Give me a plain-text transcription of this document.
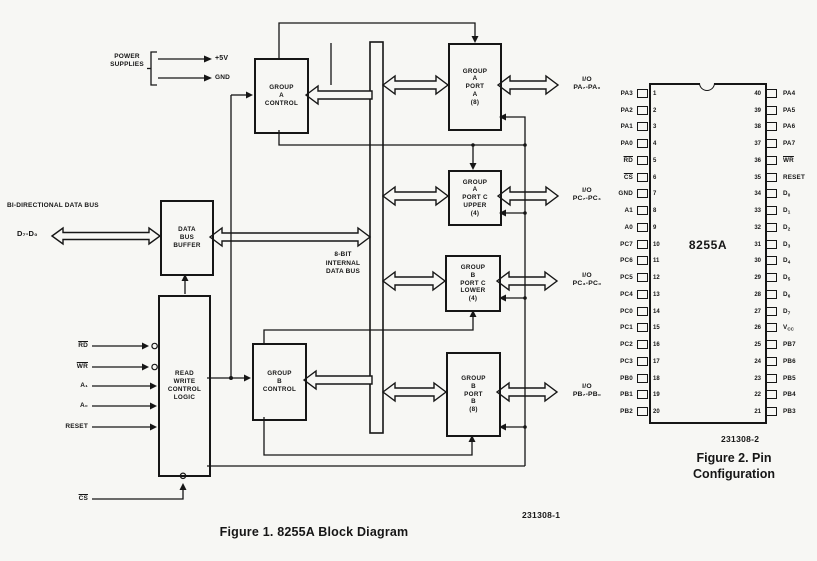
GROUP
A
CONTROL
GROUP
A
PORT
A
(8)
GROUP
A
PORT C
UPPER
(4)
GROUP
B
PORT C
LOWER
(4)
GROUP
B
PORT
B
(8)
DATA
BUS
BUFFER
READ
WRITE
CONTROL
LOGIC
GROUP
B
CONTROL
POWER
SUPPLIES
+5V
GND
BI-DIRECTIONAL DATA BUS
D₇-D₀
8-BIT
INTERNAL
DATA BUS
$\overline{RD}$
$\overline{WR}$
A₁
A₀
RESET
$\overline{CS}$
I/O
PA₇-PA₀
I/O
PC₇-PC₄
I/O
PC₃-PC₀
I/O
PB₇-PB₀
231308-1
Figure 1. 8255A Block Diagram
PA3	1	40	PA4
PA2	2	39	PA5
PA1	3	38	PA6
PA0	4	37	PA7
$\overline{RD}$	5	36	$\overline{WR}$
$\overline{CS}$	6	35	RESET
GND	7	34	$D_0$
A1	8	33	$D_1$
A0	9	32	$D_2$
PC7	10	31	$D_3$
PC6	11	30	$D_4$
PC5	12	29	$D_5$
PC4	13	28	$D_6$
PC0	14	27	$D_7$
PC1	15	26	$V_{CC}$
PC2	16	25	PB7
PC3	17	24	PB6
PB0	18	23	PB5
PB1	19	22	PB4
PB2	20	21	PB3
8255A
231308-2
Figure 2. Pin
Configuration
